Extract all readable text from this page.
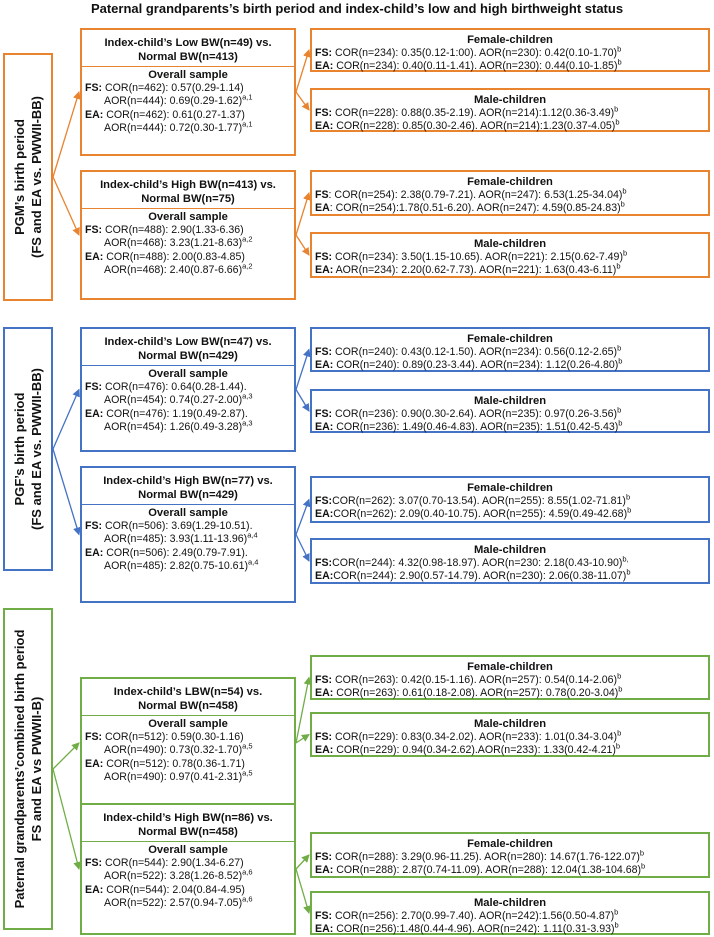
Paternal grandparents’s birth period and index-child’s low and high birthweight status
PGM’s birth period (FS and EA vs. PWWII-BB)
Index-child’s Low BW(n=49) vs.
Normal BW(n=413)
Overall sample
FS: COR(n=462): 0.57(0.29-1.14)
AOR(n=444): $0.69(0.29-1.62)^{a,1}$
EA: COR(n=462): 0.61(0.27-1.37)
AOR(n=444): $0.72(0.30-1.77)^{a,1}$
Index-child’s High BW(n=413) vs.
Normal BW(n=75)
Overall sample
FS: COR(n=488): 2.90(1.33-6.36)
AOR(n=468): $3.23(1.21-8.63)^{a,2}$
EA: COR(n=488): 2.00(0.83-4.85)
AOR(n=468): $2.40(0.87-6.66)^{a,2}$
Female-children
FS: COR(n=234): 0.35(0.12-1:00). AOR(n=230): $0.42(0.10-1.70)^b$
EA: COR(n=234): 0.40(0.11-1.41). AOR(n=230): $0.44(0.10-1.85)^b$
Male-children
FS: COR(n=228): 0.88(0.35-2.19). $AOR(n=214):1.12(0.36-3.49)^b$
EA: COR(n=228): 0.85(0.30-2.46). $AOR(n=214):1.23(0.37-4.05)^b$
Female-children
FS: COR(n=254): 2.38(0.79-7.21). AOR(n=247): $6.53(1.25-34.04)^b$
EA: COR(n=254):1.78(0.51-6.20). AOR(n=247): $4.59(0.85-24.83)^b$
Male-children
FS: COR(n=234): 3.50(1.15-10.65). AOR(n=221): $2.15(0.62-7.49)^b$
EA: AOR(n=234): 2.20(0.62-7.73). AOR(n=221): $1.63(0.43-6.11)^b$
PGF’s birth period (FS and EA vs. PWWII-BB)
Index-child’s Low BW(n=47) vs.
Normal BW(n=429)
Overall sample
FS: COR(n=476): 0.64(0.28-1.44).
AOR(n=454): $0.74(0.27-2.00)^{a,3}$
EA: COR(n=476): 1.19(0.49-2.87).
AOR(n=454): $1.26(0.49-3.28)^{a,3}$
Index-child’s High BW(n=77) vs.
Normal BW(n=429)
Overall sample
FS: COR(n=506): 3.69(1.29-10.51).
AOR(n=485): $3.93(1.11-13.96)^{a,4}$
EA: COR(n=506): 2.49(0.79-7.91).
AOR(n=485): $2.82(0.75-10.61)^{a,4}$
Female-children
FS: COR(n=240): 0.43(0.12-1.50). AOR(n=234): $0.56(0.12-2.65)^b$
EA: COR(n=240): 0.89(0.23-3.44). AOR(n=234): $1.12(0.26-4.80)^b$
Male-children
FS: COR(n=236): 0.90(0.30-2.64). AOR(n=235): $0.97(0.26-3.56)^b$
EA: COR(n=236): 1.49(0.46-4.83). AOR(n=235): $1.51(0.42-5.43)^b$
Female-children
FS:COR(n=262): 3.07(0.70-13.54). AOR(n=255): $8.55(1.02-71.81)^b$
EA:COR(n=262): 2.09(0.40-10.75). AOR(n=255): $4.59(0.49-42.68)^b$
Male-children
FS:COR(n=244): 4.32(0.98-18.97). AOR(n=230: $2.18(0.43-10.90)^{b,}$
EA:COR(n=244): 2.90(0.57-14.79). AOR(n=230): $2.06(0.38-11.07)^b$
Paternal grandparents’combined birth period FS and EA vs PWWII-B)
Index-child’s LBW(n=54) vs.
Normal BW(n=458)
Overall sample
FS: COR(n=512): 0.59(0.30-1.16)
AOR(n=490): $0.73(0.32-1.70)^{a,5}$
EA: COR(n=512): 0.78(0.36-1.71)
AOR(n=490): $0.97(0.41-2.31)^{a,5}$
Index-child’s High BW(n=86) vs.
Normal BW(n=458)
Overall sample
FS: COR(n=544): 2.90(1.34-6.27)
AOR(n=522): $3.28(1.26-8.52)^{a,6}$
EA: COR(n=544): 2.04(0.84-4.95)
AOR(n=522): $2.57(0.94-7.05)^{a,6}$
Female-children
FS: COR(n=263): 0.42(0.15-1.16). AOR(n=257): $0.54(0.14-2.06)^b$
EA: COR(n=263): 0.61(0.18-2.08). AOR(n=257): $0.78(0.20-3.04)^b$
Male-children
FS: COR(n=229): 0.83(0.34-2.02). AOR(n=233): $1.01(0.34-3.04)^b$
EA: COR(n=229): 0.94(0.34-2.62).AOR(n=233): $1.33(0.42-4.21)^b$
Female-children
FS: COR(n=288): 3.29(0.96-11.25). AOR(n=280): $14.67(1.76-122.07)^b$
EA: COR(n=288): 2.87(0.74-11.09). AOR(n=288): $12.04(1.38-104.68)^b$
Male-children
FS: COR(n=256): 2.70(0.99-7.40). $AOR(n=242):1.56(0.50-4.87)^b$
EA: COR(n=256):1.48(0.44-4.96). AOR(n=242): $1.11(0.31-3.93)^b$
